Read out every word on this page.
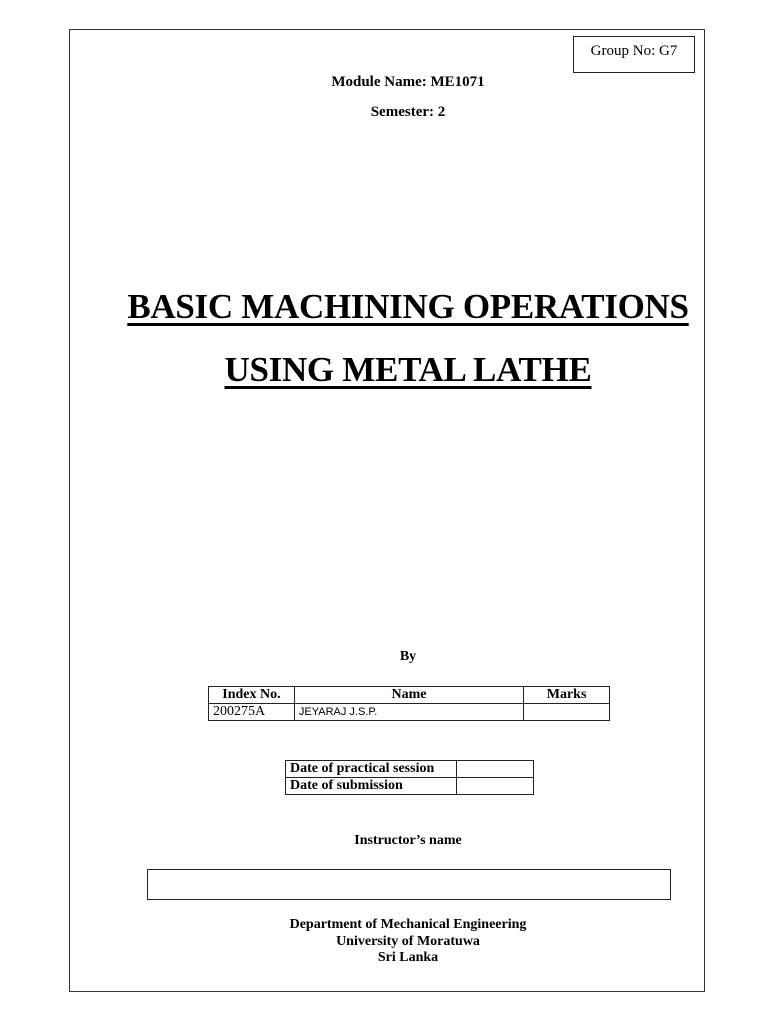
Group No: G7
Module Name: ME1071
Semester: 2
BASIC MACHINING OPERATIONS
USING METAL LATHE
By
Index No.	Name	Marks
200275A	JEYARAJ J.S.P.	
Date of practical session	
Date of submission	
Instructor’s name
Department of Mechanical Engineering
University of Moratuwa
Sri Lanka
